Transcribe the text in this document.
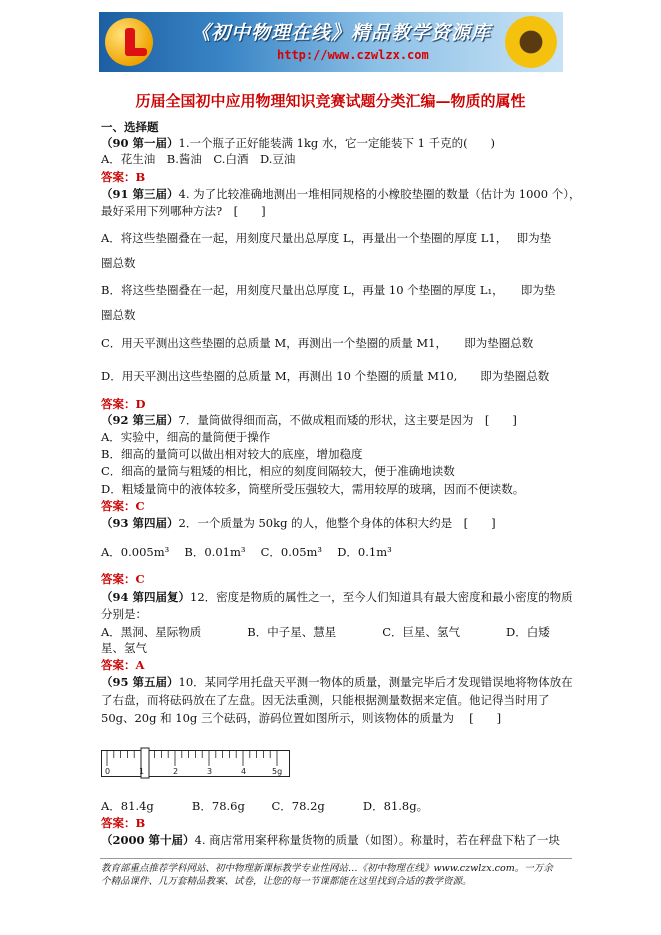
《初中物理在线》精品教学资源库
http://www.czwlzx.com
历届全国初中应用物理知识竞赛试题分类汇编—物质的属性
一、选择题
（90 第一届）1.一个瓶子正好能装满 1kg 水，它一定能装下 1 千克的(　　)
A．花生油　B.酱油　C.白酒　D.豆油
答案：B
（91 第三届）4. 为了比较准确地测出一堆相同规格的小橡胶垫圈的数量（估计为 1000 个），
最好采用下列哪种方法?　[　　]
A．将这些垫圈叠在一起，用刻度尺量出总厚度 L，再量出一个垫圈的厚度 L1，　 即为垫
圈总数
B．将这些垫圈叠在一起，用刻度尺量出总厚度 L，再量 10 个垫圈的厚度 L₁，　　即为垫
圈总数
C．用天平测出这些垫圈的总质量 M，再测出一个垫圈的质量 M1，　　即为垫圈总数
D．用天平测出这些垫圈的总质量 M，再测出 10 个垫圈的质量 M10,　　即为垫圈总数
答案：D
（92 第三届）7．量筒做得细而高，不做成粗而矮的形状，这主要是因为　[　　]
A．实验中，细高的量筒便于操作
B．细高的量筒可以做出相对较大的底座，增加稳度
C．细高的量筒与粗矮的相比，相应的刻度间隔较大，便于准确地读数
D．粗矮量筒中的液体较多，筒壁所受压强较大，需用较厚的玻璃，因而不便读数。
答案：C
（93 第四届）2．一个质量为 50kg 的人，他整个身体的体积大约是　[　　]
A．0.005m³　 B．0.01m³　 C．0.05m³　 D．0.1m³
答案：C
（94 第四届复）12．密度是物质的属性之一，至今人们知道具有最大密度和最小密度的物质
分别是：
A．黑洞、星际物质　　　　B．中子星、慧星　　　　C．巨星、氢气　　　　D．白矮
星、氢气
答案：A
（95 第五届）10．某同学用托盘天平测一物体的质量，测量完毕后才发现错误地将物体放在
了右盘，而将砝码放在了左盘。因无法重测，只能根据测量数据来定值。他记得当时用了
50g、20g 和 10g 三个砝码，游码位置如图所示，则该物体的质量为　 [　　]
0	1	2	3	4	5g
A．81.4g　　　 B．78.6g　　 C．78.2g　　　 D．81.8g。
答案：B
（2000 第十届）4. 商店常用案秤称量货物的质量（如图）。称量时，若在秤盘下粘了一块
教育部重点推荐学科网站、初中物理新课标教学专业性网站…《初中物理在线》www.czwlzx.com。一万余
个精品课件、几万套精品教案、试卷，让您的每一节课都能在这里找到合适的教学资源。
